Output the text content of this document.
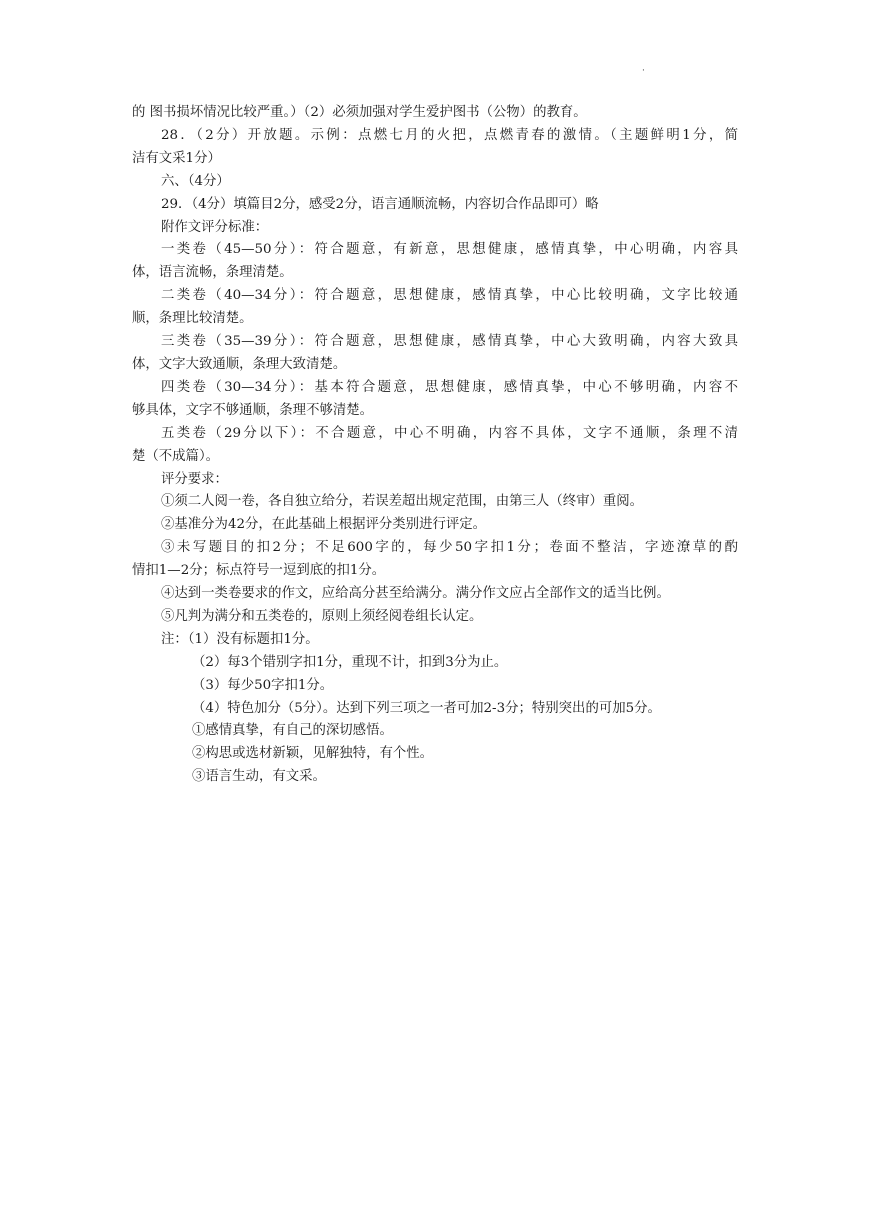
·
的 图书损坏情况比较严重。）（2）必须加强对学生爱护图书（公物）的教育。
28．（2分）开放题。示例：点燃七月的火把，点燃青春的激情。（主题鲜明1分，简
洁有文采1分）
六、（4分）
29．（4分）填篇目2分，感受2分，语言通顺流畅，内容切合作品即可）略
附作文评分标准：
一类卷（45—50分）：符合题意，有新意，思想健康，感情真挚，中心明确，内容具
体，语言流畅，条理清楚。
二类卷（40—34分）：符合题意，思想健康，感情真挚，中心比较明确，文字比较通
顺，条理比较清楚。
三类卷（35—39分）：符合题意，思想健康，感情真挚，中心大致明确，内容大致具
体，文字大致通顺，条理大致清楚。
四类卷（30—34分）：基本符合题意，思想健康，感情真挚，中心不够明确，内容不
够具体，文字不够通顺，条理不够清楚。
五类卷（29分以下）：不合题意，中心不明确，内容不具体，文字不通顺，条理不清
楚（不成篇）。
评分要求：
①须二人阅一卷，各自独立给分，若误差超出规定范围，由第三人（终审）重阅。
②基准分为42分，在此基础上根据评分类别进行评定。
③未写题目的扣2分；不足600字的，每少50字扣1分；卷面不整洁，字迹潦草的酌
情扣1—2分；标点符号一逗到底的扣1分。
④达到一类卷要求的作文，应给高分甚至给满分。满分作文应占全部作文的适当比例。
⑤凡判为满分和五类卷的，原则上须经阅卷组长认定。
注：（1）没有标题扣1分。
（2）每3个错别字扣1分，重现不计，扣到3分为止。
（3）每少50字扣1分。
（4）特色加分（5分）。达到下列三项之一者可加2-3分；特别突出的可加5分。
①感情真挚，有自己的深切感悟。
②构思或选材新颖，见解独特，有个性。
③语言生动，有文采。
